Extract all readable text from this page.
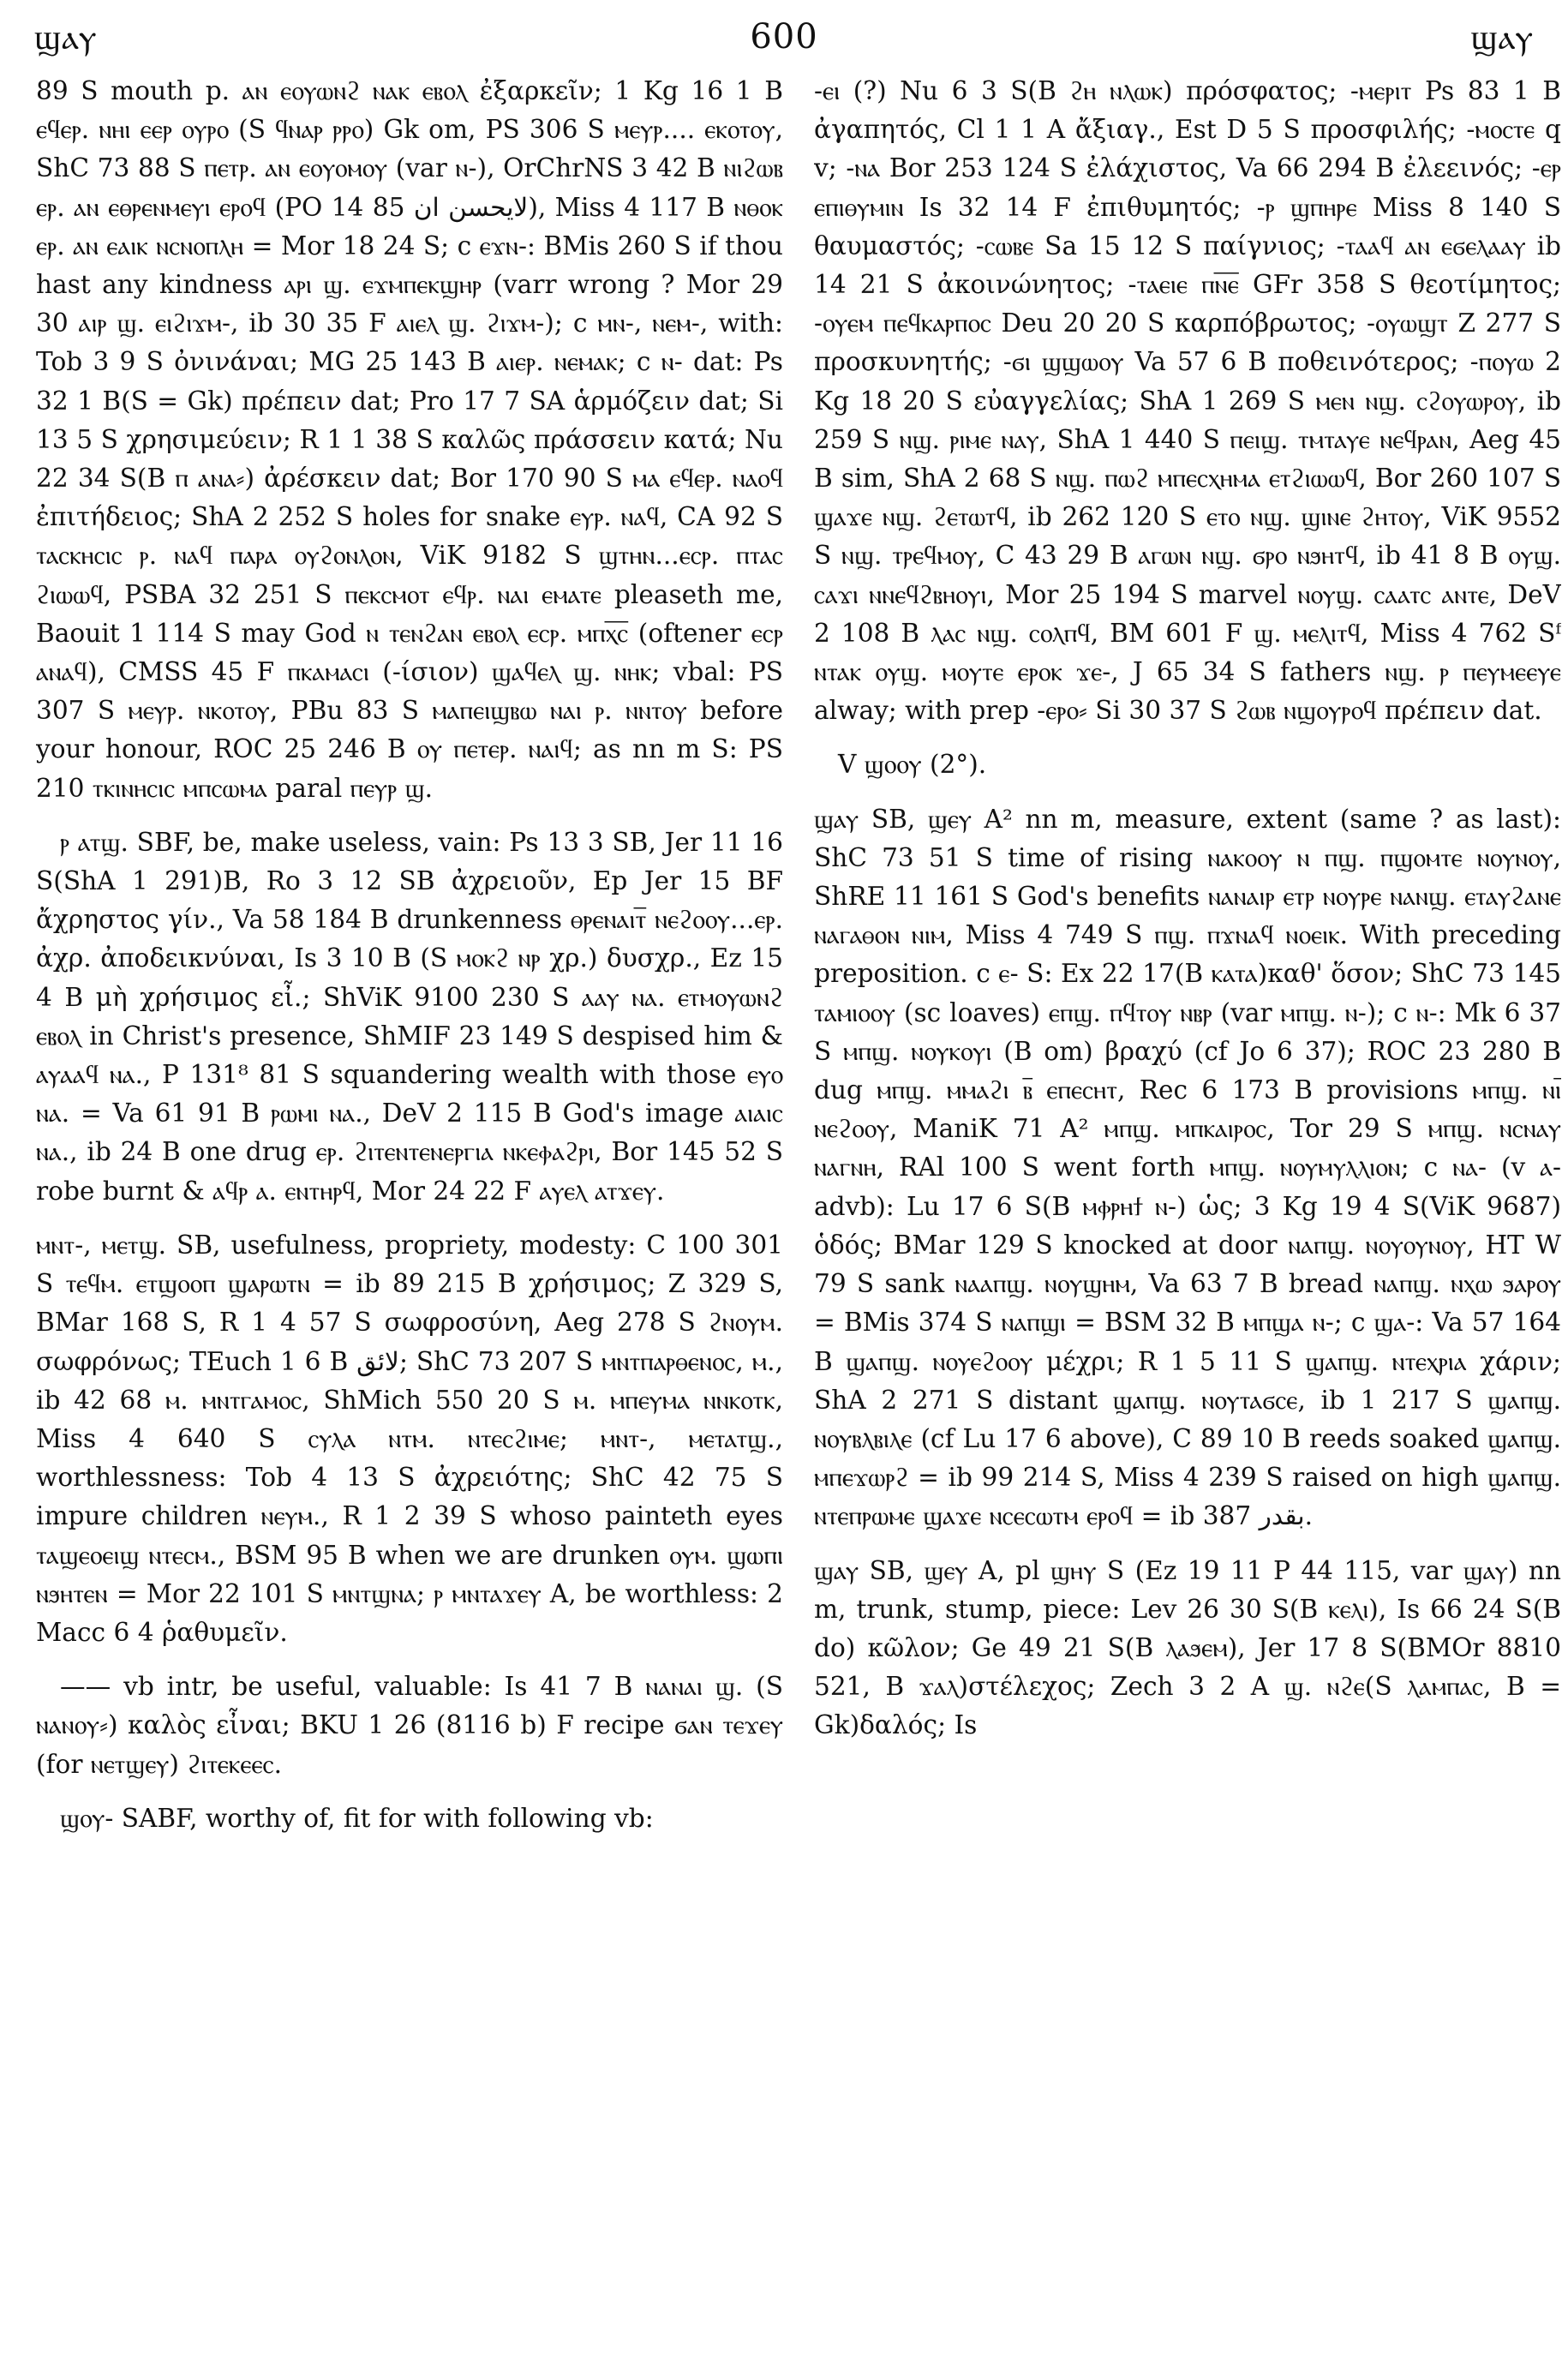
ϣⲁⲩ	600	ϣⲁⲩ

89 S mouth p. ⲁⲛ ⲉⲟⲩⲱⲛϩ ⲛⲁⲕ ⲉⲃⲟⲗ ἐξαρκεῖν; 1 Kg 16 1 B ⲉϥⲉⲣ. ⲛⲏⲓ ⲉⲉⲣ ⲟⲩⲣⲟ (S ϥⲛⲁⲣ ⲣⲣⲟ) Gk om, PS 306 S ⲙⲉⲩⲣ.... ⲉⲕⲟⲧⲟⲩ, ShC 73 88 S ⲡⲉⲧⲣ. ⲁⲛ ⲉⲟⲩⲟⲙⲟⲩ (var ⲛ-), OrChrNS 3 42 B ⲛⲓϩⲱⲃ ⲉⲣ. ⲁⲛ ⲉⲑⲣⲉⲛⲙⲉⲩⲓ ⲉⲣⲟϥ (PO 14 85 لايحسن ان), Miss 4 117 B ⲛⲑⲟⲕ ⲉⲣ. ⲁⲛ ⲉⲁⲓⲕ ⲛⲥⲛⲟⲡⲗⲏ = Mor 18 24 S; c ⲉϫⲛ-: BMis 260 S if thou hast any kindness ⲁⲣⲓ ϣ. ⲉϫⲙⲡⲉⲕϣⲏⲣ (varr wrong ? Mor 29 30 ⲁⲓⲣ ϣ. ⲉⲓϩⲓϫⲙ-, ib 30 35 F ⲁⲓⲉⲗ ϣ. ϩⲓϫⲙ-); c ⲙⲛ-, ⲛⲉⲙ-, with: Tob 3 9 S ὀνινάναι; MG 25 143 B ⲁⲓⲉⲣ. ⲛⲉⲙⲁⲕ; c ⲛ- dat: Ps 32 1 B(S = Gk) πρέπειν dat; Pro 17 7 SA ἁρμόζειν dat; Si 13 5 S χρησιμεύειν; R 1 1 38 S καλῶς πράσσειν κατά; Nu 22 34 S(B ⲡ ⲁⲛⲁ⸗) ἀρέσκειν dat; Bor 170 90 S ⲙⲁ ⲉϥⲉⲣ. ⲛⲁⲟϥ ἐπιτήδειος; ShA 2 252 S holes for snake ⲉⲩⲣ. ⲛⲁϥ, CA 92 S ⲧⲁⲥⲕⲏⲥⲓⲥ ⲣ. ⲛⲁϥ ⲡⲁⲣⲁ ⲟⲩϩⲟⲛⲗⲟⲛ, ViK 9182 S ϣⲧⲏⲛ...ⲉⲥⲣ. ⲡⲧⲁⲥ ϩⲓⲱⲱϥ, PSBA 32 251 S ⲡⲉⲕⲥⲙⲟⲧ ⲉϥⲣ. ⲛⲁⲓ ⲉⲙⲁⲧⲉ pleaseth me, Baouit 1 114 S may God ⲛ ⲧⲉⲛϩⲁⲛ ⲉⲃⲟⲗ ⲉⲥⲣ. ⲙⲡⲭ̅ⲥ̅ (oftener ⲉⲥⲣ ⲁⲛⲁϥ), CMSS 45 F ⲡⲕⲁⲙⲁⲥⲓ (-ίσιον) ϣⲁϥⲉⲗ ϣ. ⲛⲏⲕ; vbal: PS 307 S ⲙⲉⲩⲣ. ⲛⲕⲟⲧⲟⲩ, PBu 83 S ⲙⲁⲡⲉⲓϣⲃⲱ ⲛⲁⲓ ⲣ. ⲛⲛⲧⲟⲩ before your honour, ROC 25 246 B ⲟⲩ ⲡⲉⲧⲉⲣ. ⲛⲁⲓϥ; as nn m S: PS 210 ⲧⲕⲓⲛⲏⲥⲓⲥ ⲙⲡⲥⲱⲙⲁ paral ⲡⲉⲩⲣ ϣ.

ⲣ ⲁⲧϣ. SBF, be, make useless, vain: Ps 13 3 SB, Jer 11 16 S(ShA 1 291)B, Ro 3 12 SB ἀχρειοῦν, Ep Jer 15 BF ἄχρηστος γίν., Va 58 184 B drunkenness ⲑⲣⲉⲛⲁⲓⲧ̅ ⲛⲉϩⲟⲟⲩ...ⲉⲣ. ἀχρ. ἀποδεικνύναι, Is 3 10 B (S ⲙⲟⲕϩ ⲛⲣ χρ.) δυσχρ., Ez 15 4 B μὴ χρήσιμος εἶ.; ShViK 9100 230 S ⲁⲁⲩ ⲛⲁ. ⲉⲧⲙⲟⲩⲱⲛϩ ⲉⲃⲟⲗ in Christ's presence, ShMIF 23 149 S despised him & ⲁⲩⲁⲁϥ ⲛⲁ., P 131⁸ 81 S squandering wealth with those ⲉⲩⲟ ⲛⲁ. = Va 61 91 B ⲣⲱⲙⲓ ⲛⲁ., DeV 2 115 B God's image ⲁⲓⲁⲓⲥ ⲛⲁ., ib 24 B one drug ⲉⲣ. ϩⲓⲧⲉⲛⲧⲉⲛⲉⲣⲅⲓⲁ ⲛⲕⲉⲫⲁϩⲣⲓ, Bor 145 52 S robe burnt & ⲁϥⲣ ⲁ. ⲉⲛⲧⲏⲣϥ, Mor 24 22 F ⲁⲩⲉⲗ ⲁⲧϫⲉⲩ.

ⲙⲛⲧ-, ⲙⲉⲧϣ. SB, usefulness, propriety, modesty: C 100 301 S ⲧⲉϥⲙ. ⲉⲧϣⲟⲟⲡ ϣⲁⲣⲱⲧⲛ = ib 89 215 B χρήσιμος; Z 329 S, BMar 168 S, R 1 4 57 S σωφροσύνη, Aeg 278 S ϩⲛⲟⲩⲙ. σωφρόνως; TEuch 1 6 B لائق; ShC 73 207 S ⲙⲛⲧⲡⲁⲣⲑⲉⲛⲟⲥ, ⲙ., ib 42 68 ⲙ. ⲙⲛⲧⲅⲁⲙⲟⲥ, ShMich 550 20 S ⲙ. ⲙⲡⲉⲩⲙⲁ ⲛⲛⲕⲟⲧⲕ, Miss 4 640 S ⲥⲩⲗⲁ ⲛⲧⲙ. ⲛⲧⲉⲥϩⲓⲙⲉ; ⲙⲛⲧ-, ⲙⲉⲧⲁⲧϣ., worthlessness: Tob 4 13 S ἀχρειότης; ShC 42 75 S impure children ⲛⲉⲩⲙ., R 1 2 39 S whoso painteth eyes ⲧⲁϣⲉⲟⲉⲓϣ ⲛⲧⲉⲥⲙ., BSM 95 B when we are drunken ⲟⲩⲙ. ϣⲱⲡⲓ ⲛϧⲏⲧⲉⲛ = Mor 22 101 S ⲙⲛⲧϣⲛⲁ; ⲣ ⲙⲛⲧⲁϫⲉⲩ A, be worthless: 2 Macc 6 4 ῥαθυμεῖν.

—— vb intr, be useful, valuable: Is 41 7 B ⲛⲁⲛⲁⲓ ϣ. (S ⲛⲁⲛⲟⲩ⸗) καλὸς εἶναι; BKU 1 26 (8116 b) F recipe ϭⲁⲛ ⲧⲉϫⲉⲩ (for ⲛⲉⲧϣⲉⲩ) ϩⲓⲧⲉⲕⲉⲉⲥ.

ϣⲟⲩ- SABF, worthy of, fit for with following vb:

-ⲉⲓ (?) Nu 6 3 S(B ϩⲏ ⲛⲗⲱⲕ) πρόσφατος; -ⲙⲉⲣⲓⲧ Ps 83 1 B ἀγαπητός, Cl 1 1 A ἄξιαγ., Est D 5 S προσφιλής; -ⲙⲟⲥⲧⲉ q v; -ⲛⲁ Bor 253 124 S ἐλάχιστος, Va 66 294 B ἐλεεινός; -ⲉⲣ ⲉⲡⲓⲑⲩⲙⲓⲛ Is 32 14 F ἐπιθυμητός; -ⲣ ϣⲡⲏⲣⲉ Miss 8 140 S θαυμαστός; -ⲥⲱⲃⲉ Sa 15 12 S παίγνιος; -ⲧⲁⲁϥ ⲁⲛ ⲉϭⲉⲗⲁⲁⲩ ib 14 21 S ἀκοινώνητος; -ⲧⲁⲉⲓⲉ ⲡⲛ̅ⲉ̅ GFr 358 S θεοτίμητος; -ⲟⲩⲉⲙ ⲡⲉϥⲕⲁⲣⲡⲟⲥ Deu 20 20 S καρπόβρωτος; -ⲟⲩⲱϣⲧ Z 277 S προσκυνητής; -ϭⲓ ϣϣⲱⲟⲩ Va 57 6 B ποθεινότερος; -ⲡⲟⲩⲱ 2 Kg 18 20 S εὐαγγελίας; ShA 1 269 S ⲙⲉⲛ ⲛϣ. ⲥϩⲟⲩⲱⲣⲟⲩ, ib 259 S ⲛϣ. ⲣⲓⲙⲉ ⲛⲁⲩ, ShA 1 440 S ⲡⲉⲓϣ. ⲧⲙⲧⲁⲩⲉ ⲛⲉϥⲣⲁⲛ, Aeg 45 B sim, ShA 2 68 S ⲛϣ. ⲡⲱϩ ⲙⲡⲉⲥⲭⲏⲙⲁ ⲉⲧϩⲓⲱⲱϥ, Bor 260 107 S ϣⲁϫⲉ ⲛϣ. ϩⲉⲧⲱⲧϥ, ib 262 120 S ⲉⲧⲟ ⲛϣ. ϣⲓⲛⲉ ϩⲏⲧⲟⲩ, ViK 9552 S ⲛϣ. ⲧⲣⲉϥⲙⲟⲩ, C 43 29 B ⲁⲅⲱⲛ ⲛϣ. ϭⲣⲟ ⲛϧⲏⲧϥ, ib 41 8 B ⲟⲩϣ. ⲥⲁϫⲓ ⲛⲛⲉϥϩⲃⲏⲟⲩⲓ, Mor 25 194 S marvel ⲛⲟⲩϣ. ⲥⲁⲁⲧⲥ ⲁⲛⲧⲉ, DeV 2 108 B ⲗⲁⲥ ⲛϣ. ⲥⲟⲗⲡϥ, BM 601 F ϣ. ⲙⲉⲗⲓⲧϥ, Miss 4 762 Sᶠ ⲛⲧⲁⲕ ⲟⲩϣ. ⲙⲟⲩⲧⲉ ⲉⲣⲟⲕ ϫⲉ-, J 65 34 S fathers ⲛϣ. ⲣ ⲡⲉⲩⲙⲉⲉⲩⲉ alway; with prep -ⲉⲣⲟ⸗ Si 30 37 S ϩⲱⲃ ⲛϣⲟⲩⲣⲟϥ πρέπειν dat.

V ϣⲟⲟⲩ (2°).

ϣⲁⲩ SB, ϣⲉⲩ A² nn m, measure, extent (same ? as last): ShC 73 51 S time of rising ⲛⲁⲕⲟⲟⲩ ⲛ ⲡϣ. ⲡϣⲟⲙⲧⲉ ⲛⲟⲩⲛⲟⲩ, ShRE 11 161 S God's benefits ⲛⲁⲛⲁⲓⲣ ⲉⲧⲣ ⲛⲟⲩⲣⲉ ⲛⲁⲛϣ. ⲉⲧⲁⲩϩⲁⲛⲉ ⲛⲁⲅⲁⲑⲟⲛ ⲛⲓⲙ, Miss 4 749 S ⲡϣ. ⲡϫⲛⲁϥ ⲛⲟⲉⲓⲕ. With preceding preposition. c ⲉ- S: Ex 22 17(B ⲕⲁⲧⲁ)καθ' ὅσον; ShC 73 145 ⲧⲁⲙⲓⲟⲟⲩ (sc loaves) ⲉⲡϣ. ⲡϥⲧⲟⲩ ⲛⲃⲣ (var ⲙⲡϣ. ⲛ-); c ⲛ-: Mk 6 37 S ⲙⲡϣ. ⲛⲟⲩⲕⲟⲩⲓ (B om) βραχύ (cf Jo 6 37); ROC 23 280 B dug ⲙⲡϣ. ⲙⲙⲁϩⲓ ⲃ̅ ⲉⲡⲉⲥⲏⲧ, Rec 6 173 B provisions ⲙⲡϣ. ⲛⲓ̅ ⲛⲉϩⲟⲟⲩ, ManiK 71 A² ⲙⲡϣ. ⲙⲡⲕⲁⲓⲣⲟⲥ, Tor 29 S ⲙⲡϣ. ⲛⲥⲛⲁⲩ ⲛⲁⲅⲛⲏ, RAl 100 S went forth ⲙⲡϣ. ⲛⲟⲩⲙⲩⲗⲗⲓⲟⲛ; c ⲛⲁ- (v ⲁ- advb): Lu 17 6 S(B ⲙⲫⲣⲏϯ ⲛ-) ὡς; 3 Kg 19 4 S(ViK 9687) ὁδός; BMar 129 S knocked at door ⲛⲁⲡϣ. ⲛⲟⲩⲟⲩⲛⲟⲩ, HT W 79 S sank ⲛⲁⲁⲡϣ. ⲛⲟⲩϣⲏⲙ, Va 63 7 B bread ⲛⲁⲡϣ. ⲛⲭⲱ ϧⲁⲣⲟⲩ = BMis 374 S ⲛⲁⲡϣⲓ = BSM 32 B ⲙⲡϣⲁ ⲛ-; c ϣⲁ-: Va 57 164 B ϣⲁⲡϣ. ⲛⲟⲩⲉϩⲟⲟⲩ μέχρι; R 1 5 11 S ϣⲁⲡϣ. ⲛⲧⲉⲭⲣⲓⲁ χάριν; ShA 2 271 S distant ϣⲁⲡϣ. ⲛⲟⲩⲧⲁϭⲥⲉ, ib 1 217 S ϣⲁⲡϣ. ⲛⲟⲩⲃⲗⲃⲓⲗⲉ (cf Lu 17 6 above), C 89 10 B reeds soaked ϣⲁⲡϣ. ⲙⲡⲉϫⲱⲣϩ = ib 99 214 S, Miss 4 239 S raised on high ϣⲁⲡϣ. ⲛⲧⲉⲡⲣⲱⲙⲉ ϣⲁϫⲉ ⲛⲥⲉⲥⲱⲧⲙ ⲉⲣⲟϥ = ib 387 بقدر.

ϣⲁⲩ SB, ϣⲉⲩ A, pl ϣⲏⲩ S (Ez 19 11 P 44 115, var ϣⲁⲩ) nn m, trunk, stump, piece: Lev 26 30 S(B ⲕⲉⲗⲓ), Is 66 24 S(B do) κῶλον; Ge 49 21 S(B ⲗⲁϧⲉⲙ), Jer 17 8 S(BMOr 8810 521, B ϫⲁⲗ)στέλεχος; Zech 3 2 A ϣ. ⲛϩⲉ(S ⲗⲁⲙⲡⲁⲥ, B = Gk)δαλός; Is
